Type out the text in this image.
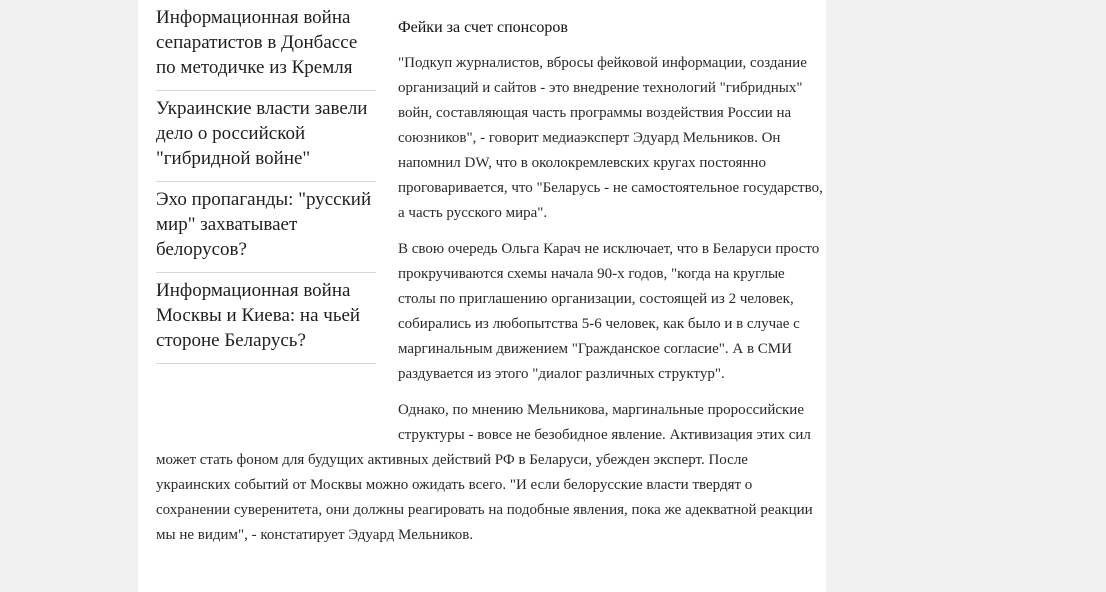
Информационная война сепаратистов в Донбассе по методичке из Кремля
Украинские власти завели дело о российской "гибридной войне"
Эхо пропаганды: "русский мир" захватывает белорусов?
Информационная война Москвы и Киева: на чьей стороне Беларусь?
Фейки за счет спонсоров

"Подкуп журналистов, вбросы фейковой информации, создание организаций и сайтов - это внедрение технологий "гибридных" войн, составляющая часть программы воздействия России на союзников", - говорит медиаэксперт Эдуард Мельников. Он напомнил DW, что в околокремлевских кругах постоянно проговаривается, что "Беларусь - не самостоятельное государство, а часть русского мира".

В свою очередь Ольга Карач не исключает, что в Беларуси просто прокручиваются схемы начала 90-х годов, "когда на круглые столы по приглашению организации, состоящей из 2 человек, собирались из любопытства 5-6 человек, как было и в случае с маргинальным движением "Гражданское согласие". А в СМИ раздувается из этого "диалог различных структур".

Однако, по мнению Мельникова, маргинальные пророссийские структуры - вовсе не безобидное явление. Активизация этих сил может стать фоном для будущих активных действий РФ в Беларуси, убежден эксперт. После украинских событий от Москвы можно ожидать всего. "И если белорусские власти твердят о сохранении суверенитета, они должны реагировать на подобные явления, пока же адекватной реакции мы не видим", - констатирует Эдуард Мельников.
